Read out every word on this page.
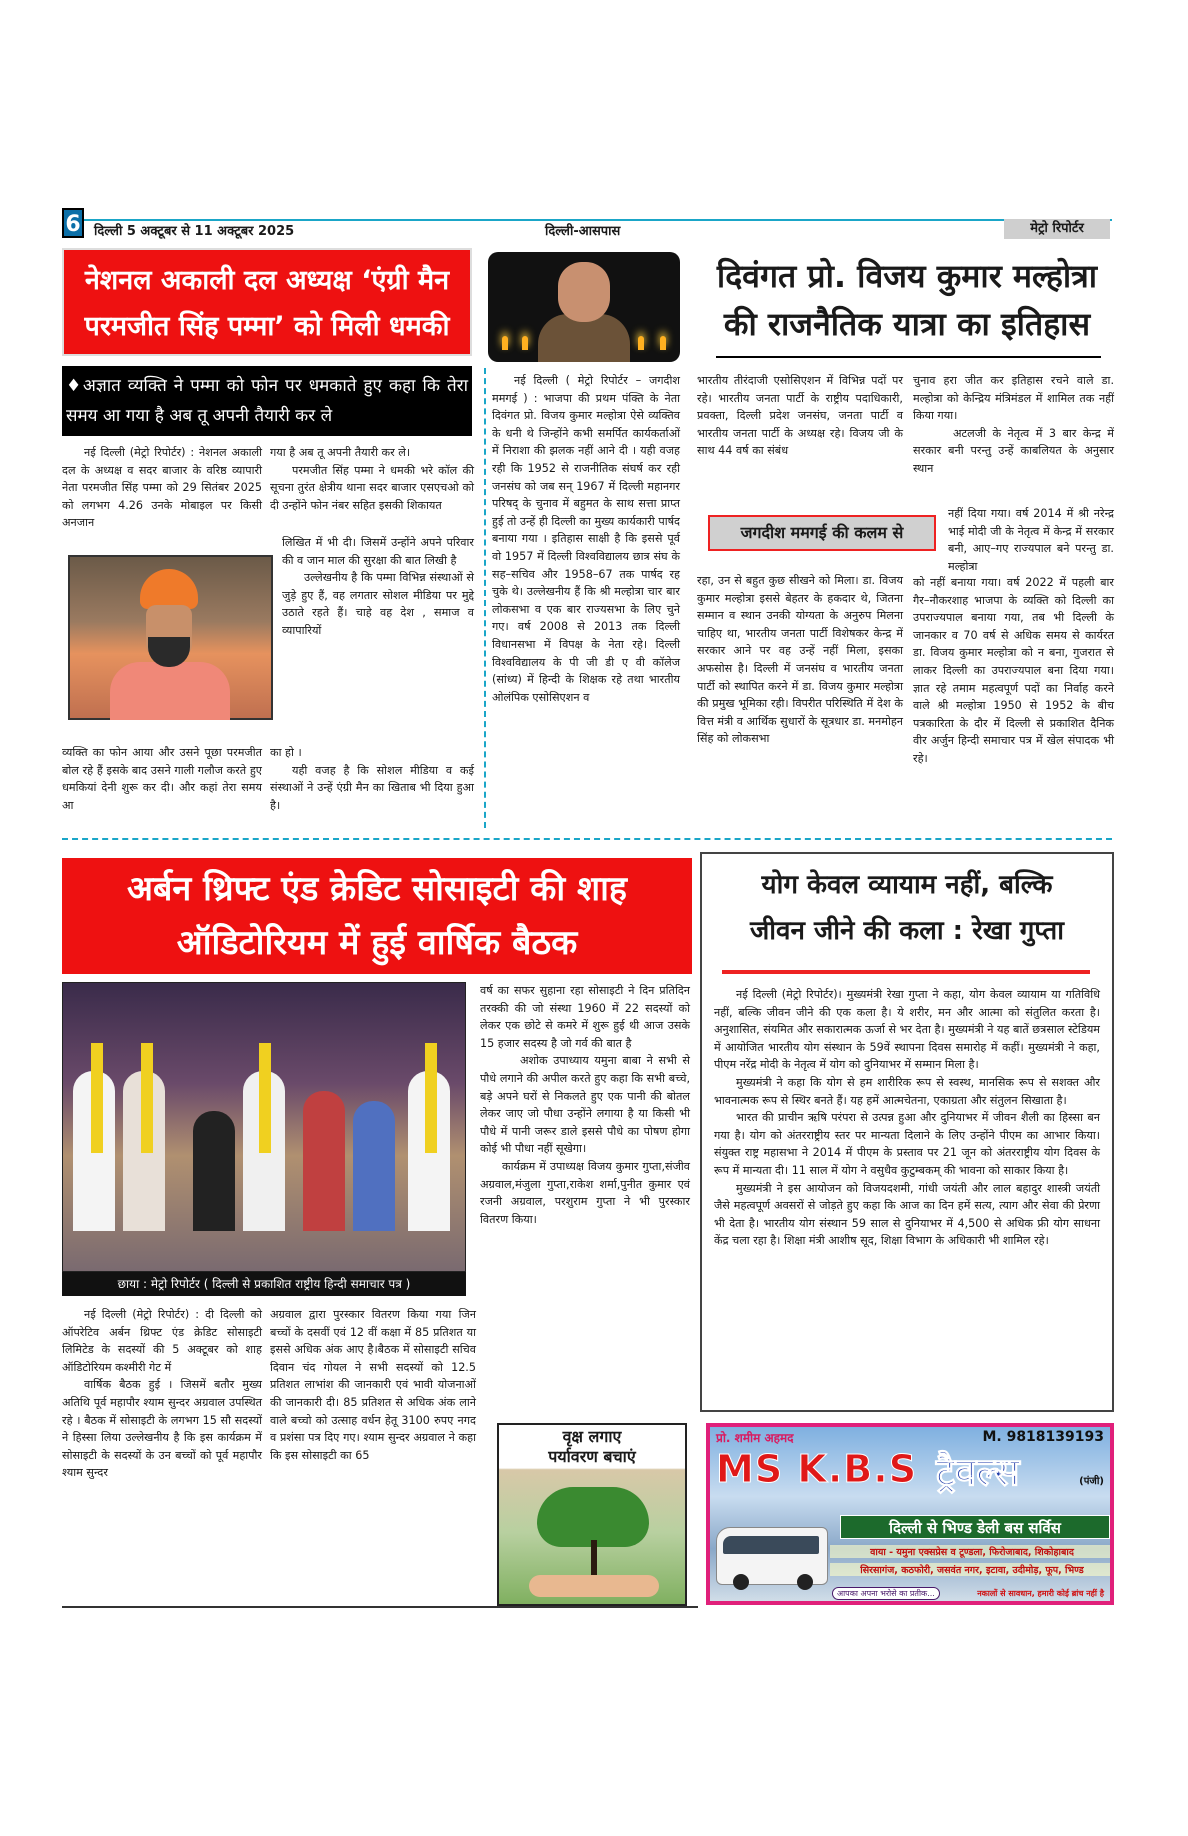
6 दिल्ली 5 अक्टूबर से 11 अक्टूबर 2025	दिल्ली-आसपास	मेट्रो रिपोर्टर
नेशनल अकाली दल अध्यक्ष ‘एंग्री मैन परमजीत सिंह पम्मा’ को मिली धमकी
♦अज्ञात व्यक्ति ने पम्मा को फोन पर धमकाते हुए कहा कि तेरा समय आ गया है अब तू अपनी तैयारी कर ले

नई दिल्ली (मेट्रो रिपोर्टर) : नेशनल अकाली दल के अध्यक्ष व सदर बाजार के वरिष्ठ व्यापारी नेता परमजीत सिंह पम्मा को 29 सितंबर 2025 को लगभग 4.26 उनके मोबाइल पर किसी अनजान

व्यक्ति का फोन आया और उसने पूछा परमजीत बोल रहे हैं इसके बाद उसने गाली गलौज करते हुए धमकियां देनी शुरू कर दी। और कहां तेरा समय आ
गया है अब तू अपनी तैयारी कर ले।

परमजीत सिंह पम्मा ने धमकी भरे कॉल की सूचना तुरंत क्षेत्रीय थाना सदर बाजार एसएचओ को दी उन्होंने फोन नंबर सहित इसकी शिकायत

लिखित में भी दी। जिसमें उन्होंने अपने परिवार की व जान माल की सुरक्षा की बात लिखी है

उल्लेखनीय है कि पम्मा विभिन्न संस्थाओं से जुड़े हुए हैं, वह लगतार सोशल मीडिया पर मुद्दे उठाते रहते हैं। चाहे वह देश , समाज व व्यापारियों

का हो ।

यही वजह है कि सोशल मीडिया व कई संस्थाओं ने उन्हें एंग्री मैन का खिताब भी दिया हुआ है।

दिवंगत प्रो. विजय कुमार मल्होत्रा
की राजनैतिक यात्रा का इतिहास

नई दिल्ली ( मेट्रो रिपोर्टर – जगदीश ममगई ) : भाजपा की प्रथम पंक्ति के नेता दिवंगत प्रो. विजय कुमार मल्होत्रा ऐसे व्यक्तिव के धनी थे जिन्होंने कभी समर्पित कार्यकर्ताओं में निराशा की झलक नहीं आने दी । यही वजह रही कि 1952 से राजनीतिक संघर्ष कर रही जनसंघ को जब सन् 1967 में दिल्ली महानगर परिषद् के चुनाव में बहुमत के साथ सत्ता प्राप्त हुई तो उन्हें ही दिल्ली का मुख्य कार्यकारी पार्षद बनाया गया । इतिहास साक्षी है कि इससे पूर्व वो 1957 में दिल्ली विश्वविद्यालय छात्र संघ के सह–सचिव और 1958–67 तक पार्षद रह चुके थे। उल्लेखनीय हैं कि श्री मल्होत्रा चार बार लोकसभा व एक बार राज्यसभा के लिए चुने गए। वर्ष 2008 से 2013 तक दिल्ली विधानसभा में विपक्ष के नेता रहे। दिल्ली विश्वविद्यालय के पी जी डी ए वी कॉलेज (सांध्य) में हिन्दी के शिक्षक रहे तथा भारतीय ओलंपिक एसोसिएशन व

भारतीय तीरंदाजी एसोसिएशन में विभिन्न पदों पर रहे। भारतीय जनता पार्टी के राष्ट्रीय पदाधिकारी, प्रवक्ता, दिल्ली प्रदेश जनसंघ, जनता पार्टी व भारतीय जनता पार्टी के अध्यक्ष रहे। विजय जी के साथ 44 वर्ष का संबंध
जगदीश ममगई की कलम से
रहा, उन से बहुत कुछ सीखने को मिला। डा. विजय कुमार मल्होत्रा इससे बेहतर के हकदार थे, जितना सम्मान व स्थान उनकी योग्यता के अनुरुप मिलना चाहिए था, भारतीय जनता पार्टी विशेषकर केन्द्र में सरकार आने पर वह उन्हें नहीं मिला, इसका अफसोस है। दिल्ली में जनसंघ व भारतीय जनता पार्टी को स्थापित करने में डा. विजय कुमार मल्होत्रा की प्रमुख भूमिका रही। विपरीत परिस्थिति में देश के वित्त मंत्री व आर्थिक सुधारों के सूत्रधार डा. मनमोहन सिंह को लोकसभा
चुनाव हरा जीत कर इतिहास रचने वाले डा. मल्होत्रा को केन्द्रिय मंत्रिमंडल में शामिल तक नहीं किया गया।

अटलजी के नेतृत्व में 3 बार केन्द्र में सरकार बनी परन्तु उन्हें काबलियत के अनुसार स्थान

नहीं दिया गया। वर्ष 2014 में श्री नरेन्द्र भाई मोदी जी के नेतृत्व में केन्द्र में सरकार बनी, आए–गए राज्यपाल बने परन्तु डा. मल्होत्रा
को नहीं बनाया गया। वर्ष 2022 में पहली बार गैर–नौकरशाह भाजपा के व्यक्ति को दिल्ली का उपराज्यपाल बनाया गया, तब भी दिल्ली के जानकार व 70 वर्ष से अधिक समय से कार्यरत डा. विजय कुमार मल्होत्रा को न बना, गुजरात से लाकर दिल्ली का उपराज्यपाल बना दिया गया। ज्ञात रहे तमाम महत्वपूर्ण पदों का निर्वाह करने वाले श्री मल्होत्रा 1950 से 1952 के बीच पत्रकारिता के दौर में दिल्ली से प्रकाशित दैनिक वीर अर्जुन हिन्दी समाचार पत्र में खेल संपादक भी रहे।
अर्बन थ्रिफ्ट एंड क्रेडिट सोसाइटी की शाह ऑडिटोरियम में हुई वार्षिक बैठक
छाया : मेट्रो रिपोर्टर ( दिल्ली से प्रकाशित राष्ट्रीय हिन्दी समाचार पत्र )

नई दिल्ली (मेट्रो रिपोर्टर) : दी दिल्ली को ऑपरेटिव अर्बन थ्रिफ्ट एंड क्रेडिट सोसाइटी लिमिटेड के सदस्यों की 5 अक्टूबर को शाह ऑडिटोरियम कश्मीरी गेट में

वार्षिक बैठक हुई । जिसमें बतौर मुख्य अतिथि पूर्व महापौर श्याम सुन्दर अग्रवाल उपस्थित रहे । बैठक में सोसाइटी के लगभग 15 सौ सदस्यों ने हिस्सा लिया उल्लेखनीय है कि इस कार्यक्रम में सोसाइटी के सदस्यों के उन बच्चों को पूर्व महापौर श्याम सुन्दर

अग्रवाल द्वारा पुरस्कार वितरण किया गया जिन बच्चों के दसवीं एवं 12 वीं कक्षा में 85 प्रतिशत या इससे अधिक अंक आए है।बैठक में सोसाइटी सचिव दिवान चंद गोयल ने सभी सदस्यों को 12.5 प्रतिशत लाभांश की जानकारी एवं भावी योजनाओं की जानकारी दी। 85 प्रतिशत से अधिक अंक लाने वाले बच्चो को उत्साह वर्धन हेतू 3100 रुपए नगद व प्रशंसा पत्र दिए गए। श्याम सुन्दर अग्रवाल ने कहा कि इस सोसाइटी का 65
वर्ष का सफर सुहाना रहा सोसाइटी ने दिन प्रतिदिन तरक्की की जो संस्था 1960 में 22 सदस्यों को लेकर एक छोटे से कमरे में शुरू हुई थी आज उसके 15 हजार सदस्य है जो गर्व की बात है

अशोक उपाध्याय यमुना बाबा ने सभी से पौधे लगाने की अपील करते हुए कहा कि सभी बच्चे, बड़े अपने घरों से निकलते हुए एक पानी की बोतल लेकर जाए जो पौधा उन्होंने लगाया है या किसी भी पौधे में पानी जरूर डाले इससे पौधे का पोषण होगा कोई भी पौधा नहीं सूखेगा।

कार्यक्रम में उपाध्यक्ष विजय कुमार गुप्ता,संजीव अग्रवाल,मंजुला गुप्ता,राकेश शर्मा,पुनीत कुमार एवं रजनी अग्रवाल, परशुराम गुप्ता ने भी पुरस्कार वितरण किया।

वृक्ष लगाए
पर्यावरण बचाएं
योग केवल व्यायाम नहीं, बल्कि
जीवन जीने की कला : रेखा गुप्ता

नई दिल्ली (मेट्रो रिपोर्टर)। मुख्यमंत्री रेखा गुप्ता ने कहा, योग केवल व्यायाम या गतिविधि नहीं, बल्कि जीवन जीने की एक कला है। ये शरीर, मन और आत्मा को संतुलित करता है। अनुशासित, संयमित और सकारात्मक ऊर्जा से भर देता है। मुख्यमंत्री ने यह बातें छत्रसाल स्टेडियम में आयोजित भारतीय योग संस्थान के 59वें स्थापना दिवस समारोह में कहीं। मुख्यमंत्री ने कहा, पीएम नरेंद्र मोदी के नेतृत्व में योग को दुनियाभर में सम्मान मिला है।

मुख्यमंत्री ने कहा कि योग से हम शारीरिक रूप से स्वस्थ, मानसिक रूप से सशक्त और भावनात्मक रूप से स्थिर बनते हैं। यह हमें आत्मचेतना, एकाग्रता और संतुलन सिखाता है।

भारत की प्राचीन ऋषि परंपरा से उत्पन्न हुआ और दुनियाभर में जीवन शैली का हिस्सा बन गया है। योग को अंतरराष्ट्रीय स्तर पर मान्यता दिलाने के लिए उन्होंने पीएम का आभार किया। संयुक्त राष्ट्र महासभा ने 2014 में पीएम के प्रस्ताव पर 21 जून को अंतरराष्ट्रीय योग दिवस के रूप में मान्यता दी। 11 साल में योग ने वसुधैव कुटुम्बकम् की भावना को साकार किया है।

मुख्यमंत्री ने इस आयोजन को विजयदशमी, गांधी जयंती और लाल बहादुर शास्त्री जयंती जैसे महत्वपूर्ण अवसरों से जोड़ते हुए कहा कि आज का दिन हमें सत्य, त्याग और सेवा की प्रेरणा भी देता है। भारतीय योग संस्थान 59 साल से दुनियाभर में 4,500 से अधिक फ्री योग साधना केंद्र चला रहा है। शिक्षा मंत्री आशीष सूद, शिक्षा विभाग के अधिकारी भी शामिल रहे।

प्रो. शमीम अहमद	M. 9818139193
MS K.B.S ट्रैवल्स	(पंजी)
दिल्ली से भिण्ड डेली बस सर्विस
वाया - यमुना एक्सप्रेस व टूण्डला, फिरोजाबाद, शिकोहाबाद
सिरसागंज, कठफोरी, जसवंत नगर, इटावा, उदीमोड़, फूप, भिण्ड
आपका अपना भरोसे का प्रतीक...	नकालों से सावधान, हमारी कोई ब्रांच नहीं है
